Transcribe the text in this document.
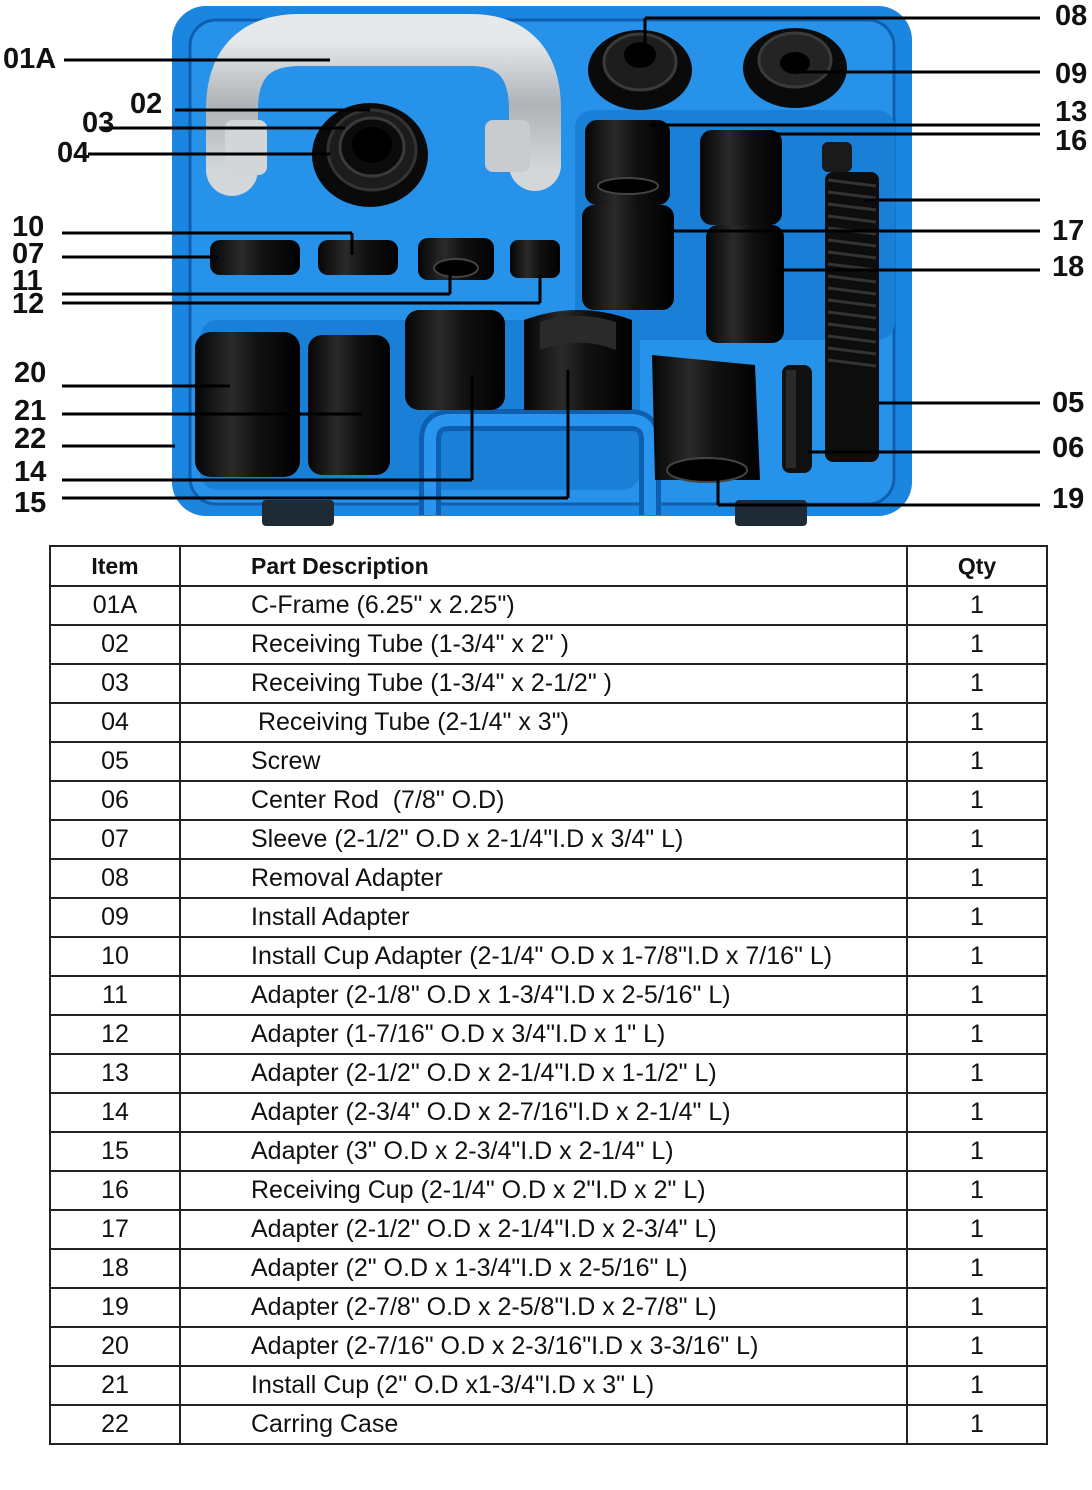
01A
02
03
04
10
07
11
12
20
21
22
14
15
08
09
13
16
17
18
05
06
19
Item	Part Description	Qty
01A	C-Frame (6.25" x 2.25")	1
02	Receiving Tube (1-3/4" x 2" )	1
03	Receiving Tube (1-3/4" x 2-1/2" )	1
04	Receiving Tube (2-1/4" x 3")	1
05	Screw	1
06	Center Rod  (7/8" O.D)	1
07	Sleeve (2-1/2" O.D x 2-1/4"I.D x 3/4" L)	1
08	Removal Adapter	1
09	Install Adapter	1
10	Install Cup Adapter (2-1/4" O.D x 1-7/8"I.D x 7/16" L)	1
11	Adapter (2-1/8" O.D x 1-3/4"I.D x 2-5/16" L)	1
12	Adapter (1-7/16" O.D x 3/4"I.D x 1" L)	1
13	Adapter (2-1/2" O.D x 2-1/4"I.D x 1-1/2" L)	1
14	Adapter (2-3/4" O.D x 2-7/16"I.D x 2-1/4" L)	1
15	Adapter (3" O.D x 2-3/4"I.D x 2-1/4" L)	1
16	Receiving Cup (2-1/4" O.D x 2"I.D x 2" L)	1
17	Adapter (2-1/2" O.D x 2-1/4"I.D x 2-3/4" L)	1
18	Adapter (2" O.D x 1-3/4"I.D x 2-5/16" L)	1
19	Adapter (2-7/8" O.D x 2-5/8"I.D x 2-7/8" L)	1
20	Adapter (2-7/16" O.D x 2-3/16"I.D x 3-3/16" L)	1
21	Install Cup (2" O.D x1-3/4"I.D x 3" L)	1
22	Carring Case	1
